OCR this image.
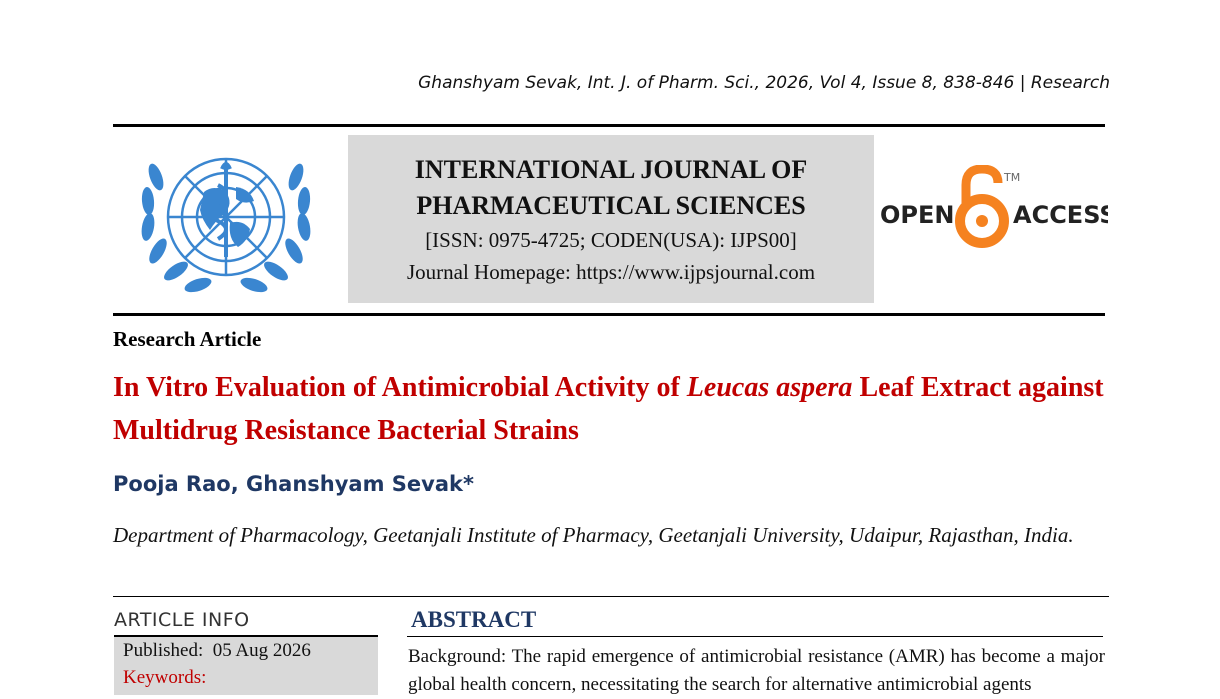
Ghanshyam Sevak, Int. J. of Pharm. Sci., 2026, Vol 4, Issue 8, 838-846 | Research
INTERNATIONAL JOURNAL OF
PHARMACEUTICAL SCIENCES
[ISSN: 0975-4725; CODEN(USA): IJPS00]
Journal Homepage: https://www.ijpsjournal.com
OPEN ACCESS
TM
Research Article
In Vitro Evaluation of Antimicrobial Activity of Leucas aspera Leaf Extract against Multidrug Resistance Bacterial Strains
Pooja Rao, Ghanshyam Sevak*
Department of Pharmacology, Geetanjali Institute of Pharmacy, Geetanjali University, Udaipur, Rajasthan, India.
ARTICLE INFO
Published:  05 Aug 2026
Keywords:
ABSTRACT
Background: The rapid emergence of antimicrobial resistance (AMR) has become a major global health concern, necessitating the search for alternative antimicrobial agents
